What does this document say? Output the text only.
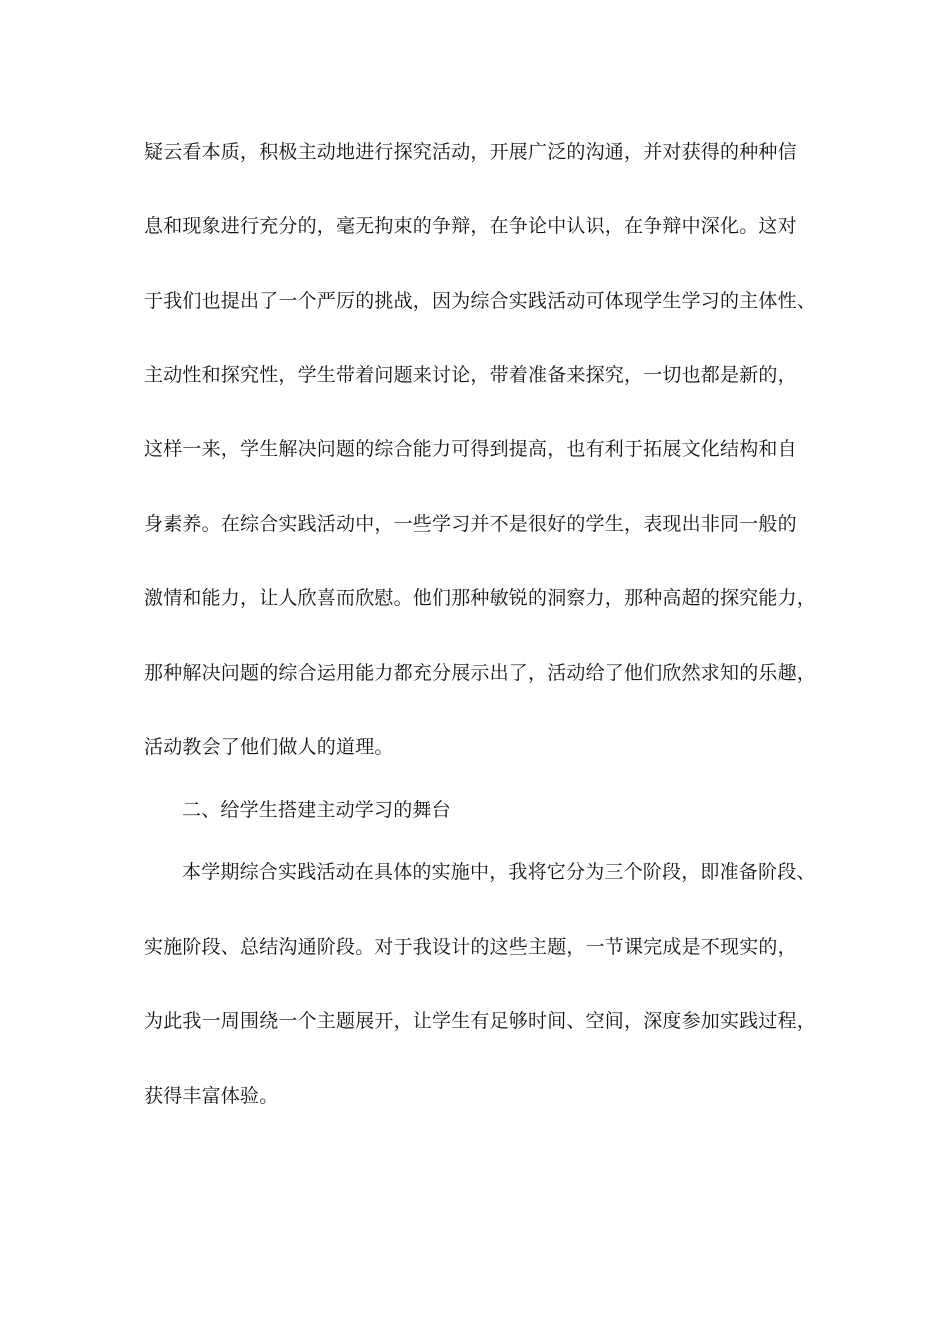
疑云看本质，积极主动地进行探究活动，开展广泛的沟通，并对获得的种种信
息和现象进行充分的，毫无拘束的争辩，在争论中认识，在争辩中深化。这对
于我们也提出了一个严厉的挑战，因为综合实践活动可体现学生学习的主体性、
主动性和探究性，学生带着问题来讨论，带着准备来探究，一切也都是新的，
这样一来，学生解决问题的综合能力可得到提高，也有利于拓展文化结构和自
身素养。在综合实践活动中，一些学习并不是很好的学生，表现出非同一般的
激情和能力，让人欣喜而欣慰。他们那种敏锐的洞察力，那种高超的探究能力，
那种解决问题的综合运用能力都充分展示出了，活动给了他们欣然求知的乐趣，
活动教会了他们做人的道理。
二、给学生搭建主动学习的舞台
本学期综合实践活动在具体的实施中，我将它分为三个阶段，即准备阶段、
实施阶段、总结沟通阶段。对于我设计的这些主题，一节课完成是不现实的，
为此我一周围绕一个主题展开，让学生有足够时间、空间，深度参加实践过程，
获得丰富体验。
